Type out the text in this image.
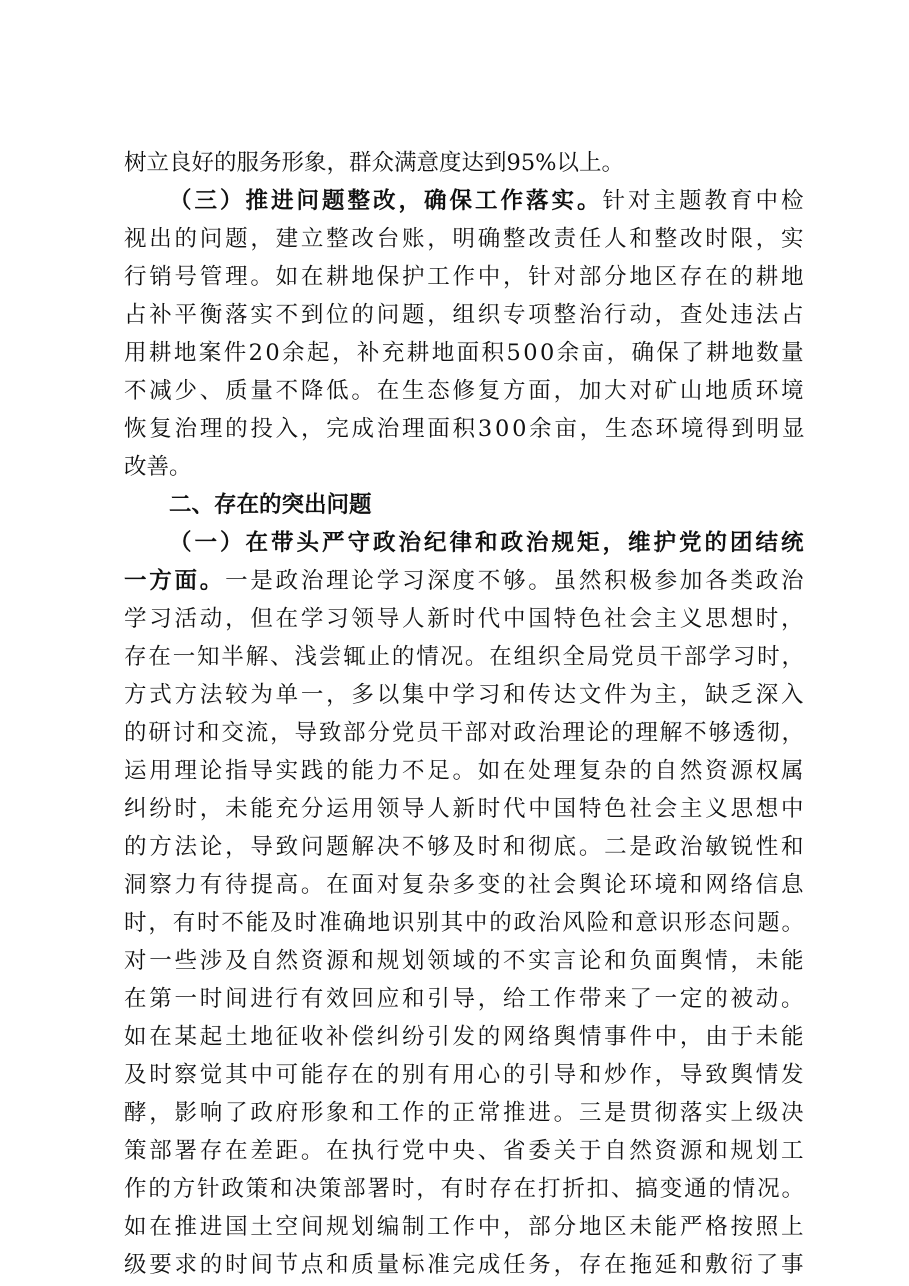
树立良好的服务形象，群众满意度达到95%以上。
（三）推进问题整改，确保工作落实。针对主题教育中检
视出的问题，建立整改台账，明确整改责任人和整改时限，实
行销号管理。如在耕地保护工作中，针对部分地区存在的耕地
占补平衡落实不到位的问题，组织专项整治行动，查处违法占
用耕地案件20余起，补充耕地面积500余亩，确保了耕地数量
不减少、质量不降低。在生态修复方面，加大对矿山地质环境
恢复治理的投入，完成治理面积300余亩，生态环境得到明显
改善。
二、存在的突出问题
（一）在带头严守政治纪律和政治规矩，维护党的团结统
一方面。一是政治理论学习深度不够。虽然积极参加各类政治
学习活动，但在学习领导人新时代中国特色社会主义思想时，
存在一知半解、浅尝辄止的情况。在组织全局党员干部学习时，
方式方法较为单一，多以集中学习和传达文件为主，缺乏深入
的研讨和交流，导致部分党员干部对政治理论的理解不够透彻，
运用理论指导实践的能力不足。如在处理复杂的自然资源权属
纠纷时，未能充分运用领导人新时代中国特色社会主义思想中
的方法论，导致问题解决不够及时和彻底。二是政治敏锐性和
洞察力有待提高。在面对复杂多变的社会舆论环境和网络信息
时，有时不能及时准确地识别其中的政治风险和意识形态问题。
对一些涉及自然资源和规划领域的不实言论和负面舆情，未能
在第一时间进行有效回应和引导，给工作带来了一定的被动。
如在某起土地征收补偿纠纷引发的网络舆情事件中，由于未能
及时察觉其中可能存在的别有用心的引导和炒作，导致舆情发
酵，影响了政府形象和工作的正常推进。三是贯彻落实上级决
策部署存在差距。在执行党中央、省委关于自然资源和规划工
作的方针政策和决策部署时，有时存在打折扣、搞变通的情况。
如在推进国土空间规划编制工作中，部分地区未能严格按照上
级要求的时间节点和质量标准完成任务，存在拖延和敷衍了事
